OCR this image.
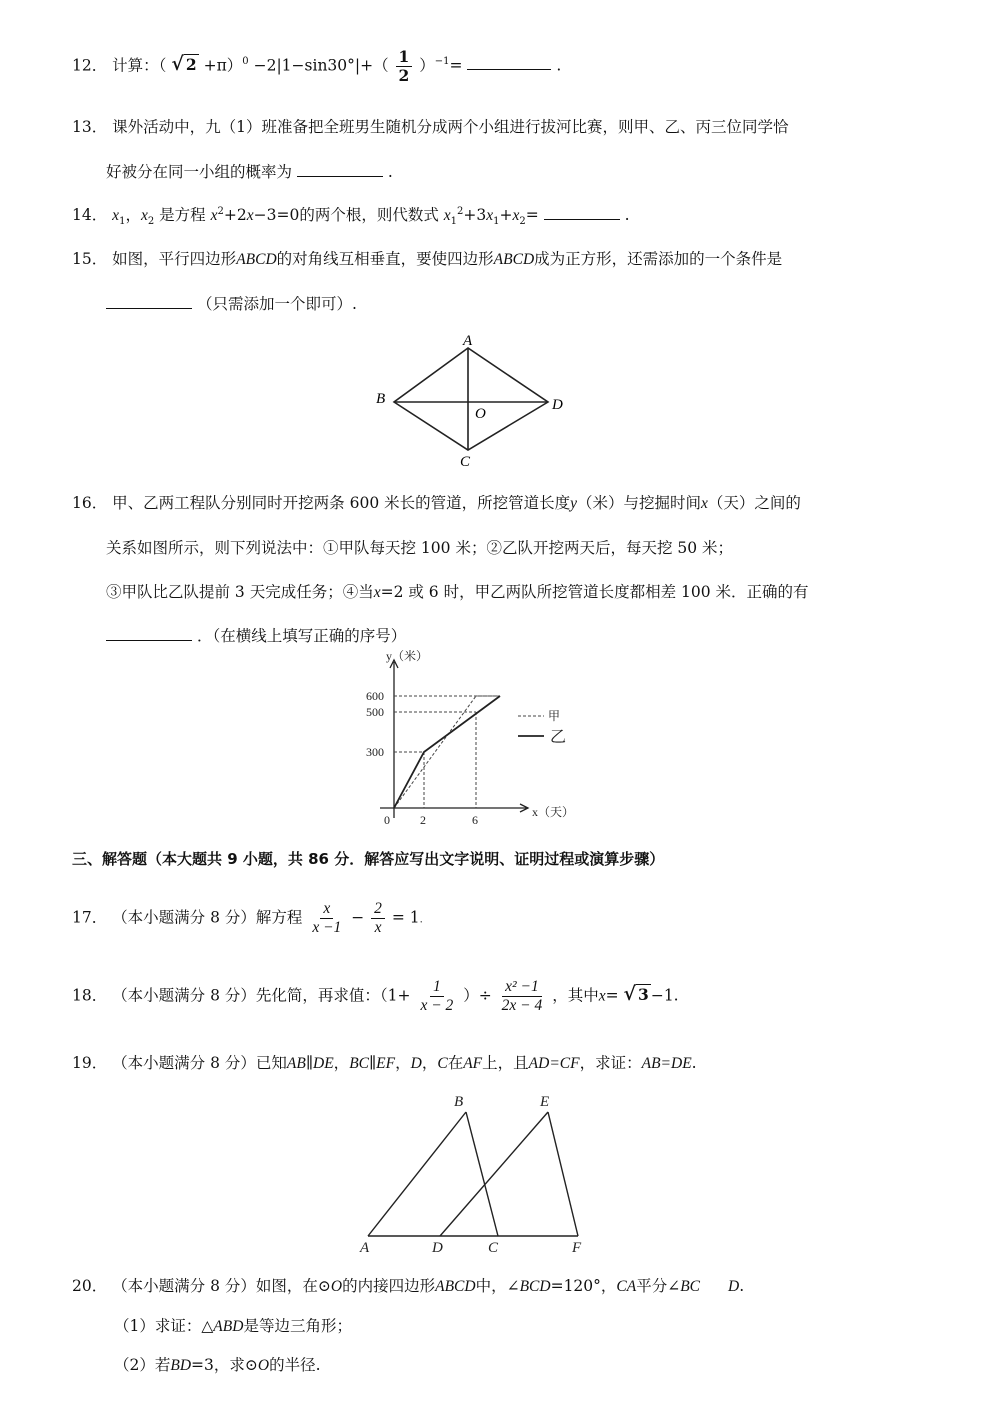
12． 计算：（ √ $2 +\pi)^0 -2|1-\sin 30^\circ|+( \frac{1}{2} )^{-1}=$	.
13． 课外活动中，九（1）班准备把全班男生随机分成两个小组进行拔河比赛，则甲、乙、丙三位同学恰
好被分在同一小组的概率为	.
14． $x_1$，$x_2$ 是方程 $x^2+2x-3=0$的两个根，则代数式 $x_1^2+3x_1+x_2=$	.
15． 如图，平行四边形ABCD的对角线互相垂直，要使四边形ABCD成为正方形，还需添加的一个条件是
（只需添加一个即可）.
A
B
C
D
O
16． 甲、乙两工程队分别同时开挖两条 600 米长的管道，所挖管道长度y（米）与挖掘时间x（天）之间的
关系如图所示，则下列说法中：①甲队每天挖 100 米；②乙队开挖两天后，每天挖 50 米；
③甲队比乙队提前 3 天完成任务；④当x=2 或 6 时，甲乙两队所挖管道长度都相差 100 米．正确的有
．（在横线上填写正确的序号）
y（米）
x（天）
600
500
300
0	2	6
甲
乙
三、解答题（本大题共 9 小题，共 86 分．解答应写出文字说明、证明过程或演算步骤）
17． （本小题满分 8 分）解方程 $\frac{x}{x -1} - \frac{2}{x} = 1$.
18． （本小题满分 8 分）先化简，再求值：（$1+ \frac{1}{x - 2}$ ）÷ $\frac{\text{x² −1}}{2x - 4}$ ，其中x= √ 3 −1.
19． （本小题满分 8 分）已知AB∥DE，BC∥EF，D，C在AF上，且AD=CF，求证：AB=DE.
A
B
C
D
E
F
20． （本小题满分 8 分）如图，在⊙O的内接四边形ABCD中，∠BCD=120°，CA平分∠BC D.
（1）求证：△ABD是等边三角形；
（2）若BD=3，求⊙O的半径.
